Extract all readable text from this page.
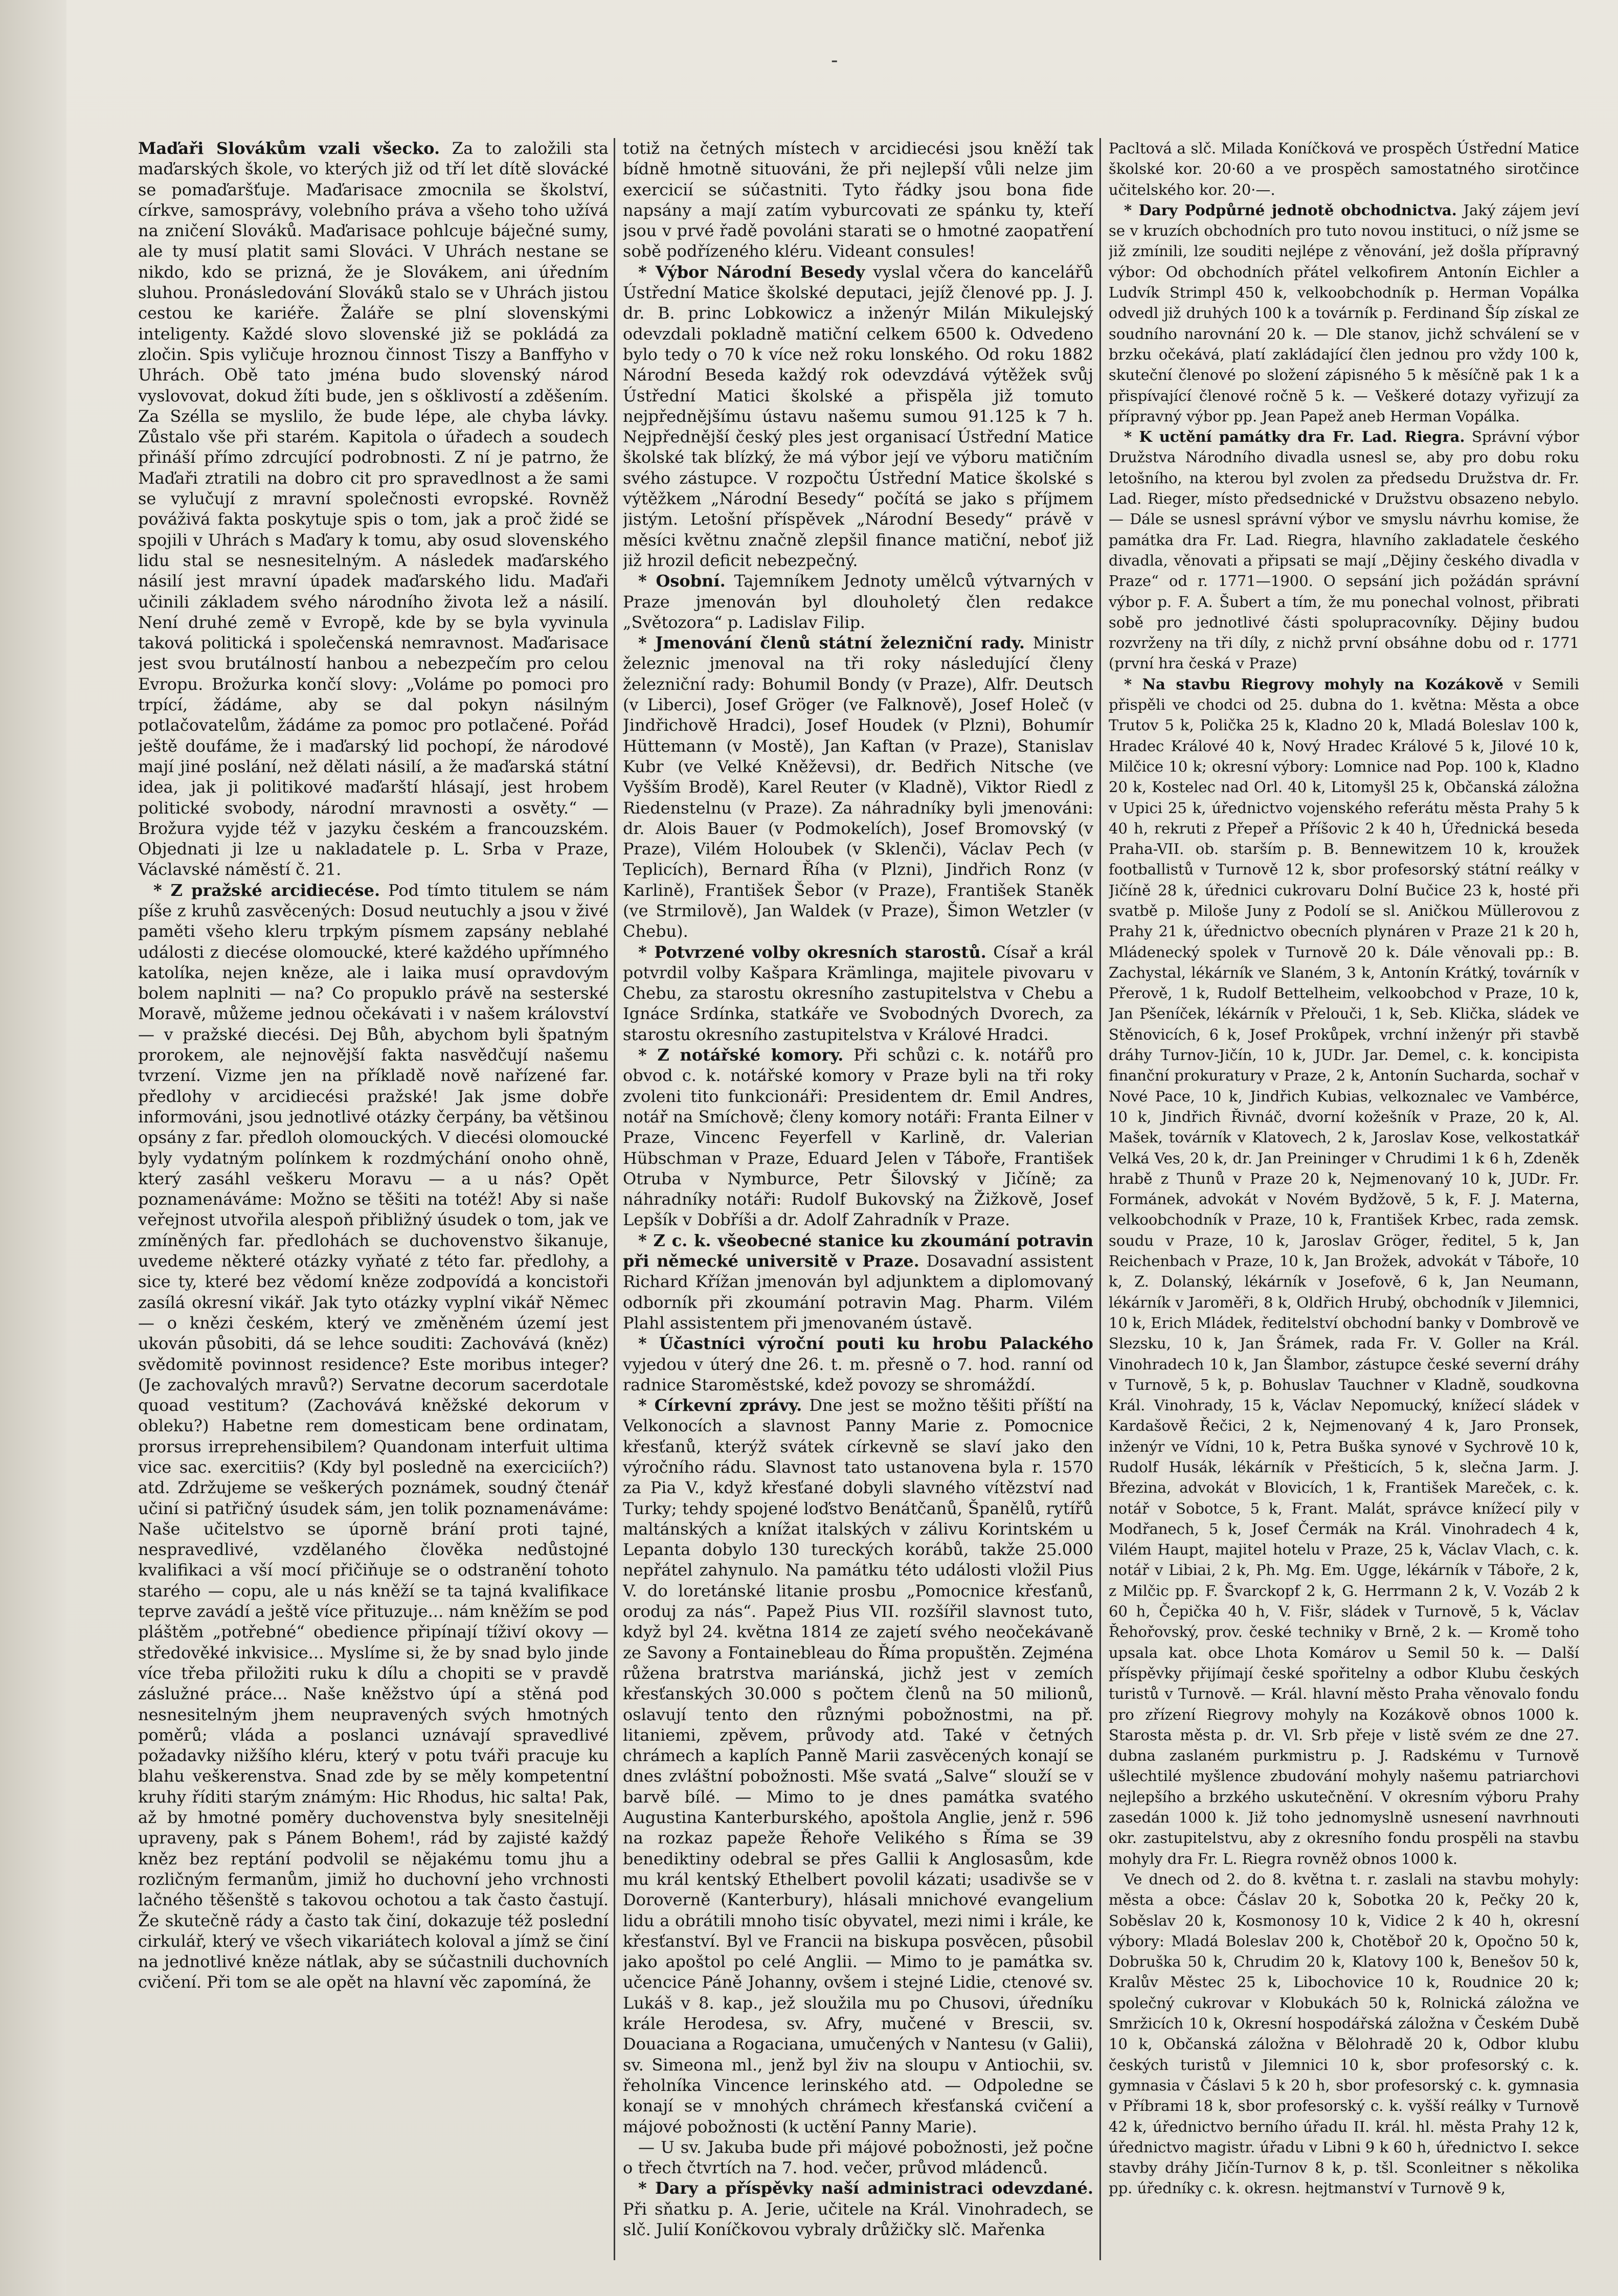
-

Maďaři Slovákům vzali všecko. Za to založili sta maďarských škole, vo kterých již od tří let dítě slovácké se pomaďaršťuje. Maďarisace zmocnila se školství, církve, samosprávy, volebního práva a všeho toho užívá na zničení Slováků. Maďarisace pohlcuje báječné sumy, ale ty musí platit sami Slováci. V Uhrách nestane se nikdo, kdo se prizná, že je Slovákem, ani úředním sluhou. Pronásledování Slováků stalo se v Uhrách jistou cestou ke kariéře. Žaláře se plní slovenskými inteligenty. Každé slovo slovenské již se pokládá za zločin. Spis vyličuje hroznou činnost Tiszy a Banffyho v Uhrách. Obě tato jména budo slovenský národ vyslovovat, dokud žíti bude, jen s ošklivostí a zděšením. Za Szélla se myslilo, že bude lépe, ale chyba lávky. Zůstalo vše při starém. Kapitola o úřadech a soudech přináší přímo zdrcující podrobnosti. Z ní je patrno, že Maďaři ztratili na dobro cit pro spravedlnost a že sami se vylučují z mravní společnosti evropské. Rovněž pováživá fakta poskytuje spis o tom, jak a proč židé se spojili v Uhrách s Maďary k tomu, aby osud slovenského lidu stal se nesnesitelným. A následek maďarského násilí jest mravní úpadek maďarského lidu. Maďaři učinili základem svého národního života lež a násilí. Není druhé země v Evropě, kde by se byla vyvinula taková politická i společenská nemravnost. Maďarisace jest svou brutálností hanbou a nebezpečím pro celou Evropu. Brožurka končí slovy: „Voláme po pomoci pro trpící, žádáme, aby se dal pokyn násilným potlačovatelům, žádáme za pomoc pro potlačené. Pořád ještě doufáme, že i maďarský lid pochopí, že národové mají jiné poslání, než dělati násilí, a že maďarská státní idea, jak ji politikové maďarští hlásají, jest hrobem politické svobody, národní mravnosti a osvěty.“ — Brožura vyjde též v jazyku českém a francouzském. Objednati ji lze u nakladatele p. L. Srba v Praze, Václavské náměstí č. 21.

* Z pražské arcidiecése. Pod tímto titulem se nám píše z kruhů zasvěcených: Dosud neutuchly a jsou v živé paměti všeho kleru trpkým písmem zapsány neblahé události z diecése olomoucké, které každého upřímného katolíka, nejen kněze, ale i laika musí opravdovým bolem naplniti — na? Co propuklo právě na sesterské Moravě, můžeme jednou očekávati i v našem království — v pražské diecési. Dej Bůh, abychom byli špatným prorokem, ale nejnovější fakta nasvědčují našemu tvrzení. Vizme jen na příkladě nově nařízené far. předlohy v arcidiecési pražské! Jak jsme dobře informováni, jsou jednotlivé otázky čerpány, ba většinou opsány z far. předloh olomouckých. V diecési olomoucké byly vydatným polínkem k rozdmýchání onoho ohně, který zasáhl veškeru Moravu — a u nás? Opět poznamenáváme: Možno se těšiti na totéž! Aby si naše veřejnost utvořila alespoň přibližný úsudek o tom, jak ve zmíněných far. předlohách se duchovenstvo šikanuje, uvedeme některé otázky vyňaté z této far. předlohy, a sice ty, které bez vědomí kněze zodpovídá a koncistoři zasílá okresní vikář. Jak tyto otázky vyplní vikář Němec — o knězi českém, který ve změněném území jest ukován působiti, dá se lehce souditi: Zachovává (kněz) svědomitě povinnost residence? Este moribus integer? (Je zachovalých mravů?) Servatne decorum sacerdotale quoad vestitum? (Zachovává kněžské dekorum v obleku?) Habetne rem domesticam bene ordinatam, prorsus irreprehensibilem? Quandonam interfuit ultima vice sac. exercitiis? (Kdy byl posledně na exerciciích?) atd. Zdržujeme se veškerých poznámek, soudný čtenář učiní si patřičný úsudek sám, jen tolik poznamenáváme: Naše učitelstvo se úporně brání proti tajné, nespravedlivé, vzdělaného člověka nedůstojné kvalifikaci a vší mocí přičiňuje se o odstranění tohoto starého — copu, ale u nás kněží se ta tajná kvalifikace teprve zavádí a ještě více přituzuje... nám kněžím se pod pláštěm „potřebné“ obedience připínají tíživí okovy — středověké inkvisice... Myslíme si, že by snad bylo jinde více třeba přiložiti ruku k dílu a chopiti se v pravdě záslužné práce... Naše kněžstvo úpí a stěná pod nesnesitelným jhem neupravených svých hmotných poměrů; vláda a poslanci uznávají spravedlivé požadavky nižšího kléru, který v potu tváři pracuje ku blahu veškerenstva. Snad zde by se měly kompetentní kruhy říditi starým známým: Hic Rhodus, hic salta! Pak, až by hmotné poměry duchovenstva byly snesitelněji upraveny, pak s Pánem Bohem!, rád by zajisté každý kněz bez reptání podvolil se nějakému tomu jhu a rozličným fermanům, jimiž ho duchovní jeho vrchnosti lačného těšenště s takovou ochotou a tak často častují. Že skutečně rády a často tak činí, dokazuje též poslední cirkulář, který ve všech vikariátech koloval a jímž se činí na jednotlivé kněze nátlak, aby se súčastnili duchovních cvičení. Při tom se ale opět na hlavní věc zapomíná, že

totiž na četných místech v arcidiecési jsou kněží tak bídně hmotně situováni, že při nejlepší vůli nelze jim exercicií se súčastniti. Tyto řádky jsou bona fide napsány a mají zatím vyburcovati ze spánku ty, kteří jsou v prvé řadě povoláni starati se o hmotné zaopatření sobě podřízeného kléru. Videant consules!

* Výbor Národní Besedy vyslal včera do kancelářů Ústřední Matice školské deputaci, jejíž členové pp. J. J. dr. B. princ Lobkowicz a inženýr Milán Mikulejský odevzdali pokladně matiční celkem 6500 k. Odvedeno bylo tedy o 70 k více než roku lonského. Od roku 1882 Národní Beseda každý rok odevzdává výtěžek svůj Ústřední Matici školské a přispěla již tomuto nejpřednějšímu ústavu našemu sumou 91.125 k 7 h. Nejpřednější český ples jest organisací Ústřední Matice školské tak blízký, že má výbor její ve výboru matičním svého zástupce. V rozpočtu Ústřední Matice školské s výtěžkem „Národní Besedy“ počítá se jako s příjmem jistým. Letošní příspěvek „Národní Besedy“ právě v měsíci květnu značně zlepšil finance matiční, neboť již již hrozil deficit nebezpečný.

* Osobní. Tajemníkem Jednoty umělců výtvarných v Praze jmenován byl dlouholetý člen redakce „Světozora“ p. Ladislav Filip.

* Jmenování členů státní železniční rady. Ministr železnic jmenoval na tři roky následující členy železniční rady: Bohumil Bondy (v Praze), Alfr. Deutsch (v Liberci), Josef Gröger (ve Falknově), Josef Holeč (v Jindřichově Hradci), Josef Houdek (v Plzni), Bohumír Hüttemann (v Mostě), Jan Kaftan (v Praze), Stanislav Kubr (ve Velké Kněževsi), dr. Bedřich Nitsche (ve Vyšším Brodě), Karel Reuter (v Kladně), Viktor Riedl z Riedenstelnu (v Praze). Za náhradníky byli jmenováni: dr. Alois Bauer (v Podmokelích), Josef Bromovský (v Praze), Vilém Holoubek (v Sklenči), Václav Pech (v Teplicích), Bernard Říha (v Plzni), Jindřich Ronz (v Karlině), František Šebor (v Praze), František Staněk (ve Strmilově), Jan Waldek (v Praze), Šimon Wetzler (v Chebu).

* Potvrzené volby okresních starostů. Císař a král potvrdil volby Kašpara Krämlinga, majitele pivovaru v Chebu, za starostu okresního zastupitelstva v Chebu a Ignáce Srdínka, statkáře ve Svobodných Dvorech, za starostu okresního zastupitelstva v Králové Hradci.

* Z notářské komory. Při schůzi c. k. notářů pro obvod c. k. notářské komory v Praze byli na tři roky zvoleni tito funkcionáři: Presidentem dr. Emil Andres, notář na Smíchově; členy komory notáři: Franta Eilner v Praze, Vincenc Feyerfell v Karlině, dr. Valerian Hübschman v Praze, Eduard Jelen v Táboře, František Otruba v Nymburce, Petr Šilovský v Jičíně; za náhradníky notáři: Rudolf Bukovský na Žižkově, Josef Lepšík v Dobříši a dr. Adolf Zahradník v Praze.

* Z c. k. všeobecné stanice ku zkoumání potravin při německé universitě v Praze. Dosavadní assistent Richard Křížan jmenován byl adjunktem a diplomovaný odborník při zkoumání potravin Mag. Pharm. Vilém Plahl assistentem při jmenovaném ústavě.

* Účastníci výroční pouti ku hrobu Palackého vyjedou v úterý dne 26. t. m. přesně o 7. hod. ranní od radnice Staroměstské, kdež povozy se shromáždí.

* Církevní zprávy. Dne jest se možno těšiti příští na Velkonocích a slavnost Panny Marie z. Pomocnice křesťanů, kterýž svátek církevně se slaví jako den výročního rádu. Slavnost tato ustanovena byla r. 1570 za Pia V., když křesťané dobyli slavného vítězství nad Turky; tehdy spojené loďstvo Benátčanů, Španělů, rytířů maltánských a knížat italských v zálivu Korintském u Lepanta dobylo 130 tureckých korábů, takže 25.000 nepřátel zahynulo. Na památku této události vložil Pius V. do loretánské litanie prosbu „Pomocnice křesťanů, oroduj za nás“. Papež Pius VII. rozšířil slavnost tuto, když byl 24. května 1814 ze zajetí svého neočekávaně ze Savony a Fontainebleau do Říma propuštěn. Zejména růžena bratrstva mariánská, jichž jest v zemích křesťanských 30.000 s počtem členů na 50 milionů, oslavují tento den různými pobožnostmi, na př. litaniemi, zpěvem, průvody atd. Také v četných chrámech a kaplích Panně Marii zasvěcených konají se dnes zvláštní pobožnosti. Mše svatá „Salve“ slouží se v barvě bílé. — Mimo to je dnes památka svatého Augustina Kanterburského, apoštola Anglie, jenž r. 596 na rozkaz papeže Řehoře Velikého s Říma se 39 benediktiny odebral se přes Gallii k Anglosasům, kde mu král kentský Ethelbert povolil kázati; usadivše se v Doroverně (Kanterbury), hlásali mnichové evangelium lidu a obrátili mnoho tisíc obyvatel, mezi nimi i krále, ke křesťanství. Byl ve Francii na biskupa posvěcen, působil jako apoštol po celé Anglii. — Mimo to je památka sv. učencice Páně Johanny, ovšem i stejné Lidie, ctenové sv. Lukáš v 8. kap., jež sloužila mu po Chusovi, úředníku krále Herodesa, sv. Afry, mučené v Brescii, sv. Douaciana a Rogaciana, umučených v Nantesu (v Galii), sv. Simeona ml., jenž byl živ na sloupu v Antiochii, sv. řeholníka Vincence lerinského atd. — Odpoledne se konají se v mnohých chrámech křesťanská cvičení a májové pobožnosti (k uctění Panny Marie).

— U sv. Jakuba bude při májové pobožnosti, jež počne o třech čtvrtích na 7. hod. večer, průvod mládenců.

* Dary a příspěvky naší administraci odevzdané. Při sňatku p. A. Jerie, učitele na Král. Vinohradech, se slč. Julií Koníčkovou vybraly drůžičky slč. Mařenka

Pacltová a slč. Milada Koníčková ve prospěch Ústřední Matice školské kor. 20·60 a ve prospěch samostatného sirotčince učitelského kor. 20·—.

* Dary Podpůrné jednotě obchodnictva. Jaký zájem jeví se v kruzích obchodních pro tuto novou instituci, o níž jsme se již zmínili, lze souditi nejlépe z věnování, jež došla přípravný výbor: Od obchodních přátel velkofirem Antonín Eichler a Ludvík Strimpl 450 k, velkoobchodník p. Herman Vopálka odvedl již druhých 100 k a továrník p. Ferdinand Šíp získal ze soudního narovnání 20 k. — Dle stanov, jichž schválení se v brzku očekává, platí zakládající člen jednou pro vždy 100 k, skuteční členové po složení zápisného 5 k měsíčně pak 1 k a přispívající členové ročně 5 k. — Veškeré dotazy vyřizují za přípravný výbor pp. Jean Papež aneb Herman Vopálka.

* K uctění památky dra Fr. Lad. Riegra. Správní výbor Družstva Národního divadla usnesl se, aby pro dobu roku letošního, na kterou byl zvolen za předsedu Družstva dr. Fr. Lad. Rieger, místo předsednické v Družstvu obsazeno nebylo. — Dále se usnesl správní výbor ve smyslu návrhu komise, že památka dra Fr. Lad. Riegra, hlavního zakladatele českého divadla, věnovati a připsati se mají „Dějiny českého divadla v Praze“ od r. 1771—1900. O sepsání jich požádán správní výbor p. F. A. Šubert a tím, že mu ponechal volnost, přibrati sobě pro jednotlivé části spolupracovníky. Dějiny budou rozvrženy na tři díly, z nichž první obsáhne dobu od r. 1771 (první hra česká v Praze)

* Na stavbu Riegrovy mohyly na Kozákově v Semili přispěli ve chodci od 25. dubna do 1. května: Města a obce Trutov 5 k, Polička 25 k, Kladno 20 k, Mladá Boleslav 100 k, Hradec Králové 40 k, Nový Hradec Králové 5 k, Jilové 10 k, Milčice 10 k; okresní výbory: Lomnice nad Pop. 100 k, Kladno 20 k, Kostelec nad Orl. 40 k, Litomyšl 25 k, Občanská záložna v Upici 25 k, úřednictvo vojenského referátu města Prahy 5 k 40 h, rekruti z Přepeř a Příšovic 2 k 40 h, Úřednická beseda Praha-VII. ob. starším p. B. Bennewitzem 10 k, kroužek footballistů v Turnově 12 k, sbor profesorský státní reálky v Jičíně 28 k, úřednici cukrovaru Dolní Bučice 23 k, hosté při svatbě p. Miloše Juny z Podolí se sl. Aničkou Müllerovou z Prahy 21 k, úřednictvo obecních plynáren v Praze 21 k 20 h, Mládenecký spolek v Turnově 20 k. Dále věnovali pp.: B. Zachystal, lékárník ve Slaném, 3 k, Antonín Krátký, továrník v Přerově, 1 k, Rudolf Bettelheim, velkoobchod v Praze, 10 k, Jan Pšeníček, lékárník v Přelouči, 1 k, Seb. Klička, sládek ve Stěnovicích, 6 k, Josef Prokůpek, vrchní inženýr při stavbě dráhy Turnov-Jičín, 10 k, JUDr. Jar. Demel, c. k. koncipista finanční prokuratury v Praze, 2 k, Antonín Sucharda, sochař v Nové Pace, 10 k, Jindřich Kubias, velkoznalec ve Vambérce, 10 k, Jindřich Řivnáč, dvorní kožešník v Praze, 20 k, Al. Mašek, továrník v Klatovech, 2 k, Jaroslav Kose, velkostatkář Velká Ves, 20 k, dr. Jan Preininger v Chrudimi 1 k 6 h, Zdeněk hrabě z Thunů v Praze 20 k, Nejmenovaný 10 k, JUDr. Fr. Formánek, advokát v Novém Bydžově, 5 k, F. J. Materna, velkoobchodník v Praze, 10 k, František Krbec, rada zemsk. soudu v Praze, 10 k, Jaroslav Gröger, ředitel, 5 k, Jan Reichenbach v Praze, 10 k, Jan Brožek, advokát v Táboře, 10 k, Z. Dolanský, lékárník v Josefově, 6 k, Jan Neumann, lékárník v Jaroměři, 8 k, Oldřich Hrubý, obchodník v Jilemnici, 10 k, Erich Mládek, ředitelství obchodní banky v Dombrově ve Slezsku, 10 k, Jan Šrámek, rada Fr. V. Goller na Král. Vinohradech 10 k, Jan Šlambor, zástupce české severní dráhy v Turnově, 5 k, p. Bohuslav Tauchner v Kladně, soudkovna Král. Vinohrady, 15 k, Václav Nepomucký, knížecí sládek v Kardašově Řečici, 2 k, Nejmenovaný 4 k, Jaro Pronsek, inženýr ve Vídni, 10 k, Petra Buška synové v Sychrově 10 k, Rudolf Husák, lékárník v Přešticích, 5 k, slečna Jarm. J. Březina, advokát v Blovicích, 1 k, František Mareček, c. k. notář v Sobotce, 5 k, Frant. Malát, správce knížecí pily v Modřanech, 5 k, Josef Čermák na Král. Vinohradech 4 k, Vilém Haupt, majitel hotelu v Praze, 25 k, Václav Vlach, c. k. notář v Libiai, 2 k, Ph. Mg. Em. Ugge, lékárník v Táboře, 2 k, z Milčic pp. F. Švarckopf 2 k, G. Herrmann 2 k, V. Vozáb 2 k 60 h, Čepička 40 h, V. Fišr, sládek v Turnově, 5 k, Václav Řehořovský, prov. české techniky v Brně, 2 k. — Kromě toho upsala kat. obce Lhota Komárov u Semil 50 k. — Další příspěvky přijímají české spořitelny a odbor Klubu českých turistů v Turnově. — Král. hlavní město Praha věnovalo fondu pro zřízení Riegrovy mohyly na Kozákově obnos 1000 k. Starosta města p. dr. Vl. Srb přeje v listě svém ze dne 27. dubna zaslaném purkmistru p. J. Radskému v Turnově ušlechtilé myšlence zbudování mohyly našemu patriarchovi nejlepšího a brzkého uskutečnění. V okresním výboru Prahy zasedán 1000 k. Již toho jednomyslně usnesení navrhnouti okr. zastupitelstvu, aby z okresního fondu prospěli na stavbu mohyly dra Fr. L. Riegra rovněž obnos 1000 k.

Ve dnech od 2. do 8. května t. r. zaslali na stavbu mohyly: města a obce: Čáslav 20 k, Sobotka 20 k, Pečky 20 k, Soběslav 20 k, Kosmonosy 10 k, Vidice 2 k 40 h, okresní výbory: Mladá Boleslav 200 k, Chotěboř 20 k, Opočno 50 k, Dobruška 50 k, Chrudim 20 k, Klatovy 100 k, Benešov 50 k, Kralův Městec 25 k, Libochovice 10 k, Roudnice 20 k; společný cukrovar v Klobukách 50 k, Rolnická záložna ve Smržicích 10 k, Okresní hospodářská záložna v Českém Dubě 10 k, Občanská záložna v Bělohradě 20 k, Odbor klubu českých turistů v Jilemnici 10 k, sbor profesorský c. k. gymnasia v Čáslavi 5 k 20 h, sbor profesorský c. k. gymnasia v Příbrami 18 k, sbor profesorský c. k. vyšší reálky v Turnově 42 k, úřednictvo berního úřadu II. král. hl. města Prahy 12 k, úřednictvo magistr. úřadu v Libni 9 k 60 h, úřednictvo I. sekce stavby dráhy Jičín-Turnov 8 k, p. tšl. Sconleitner s několika pp. úředníky c. k. okresn. hejtmanství v Turnově 9 k,
